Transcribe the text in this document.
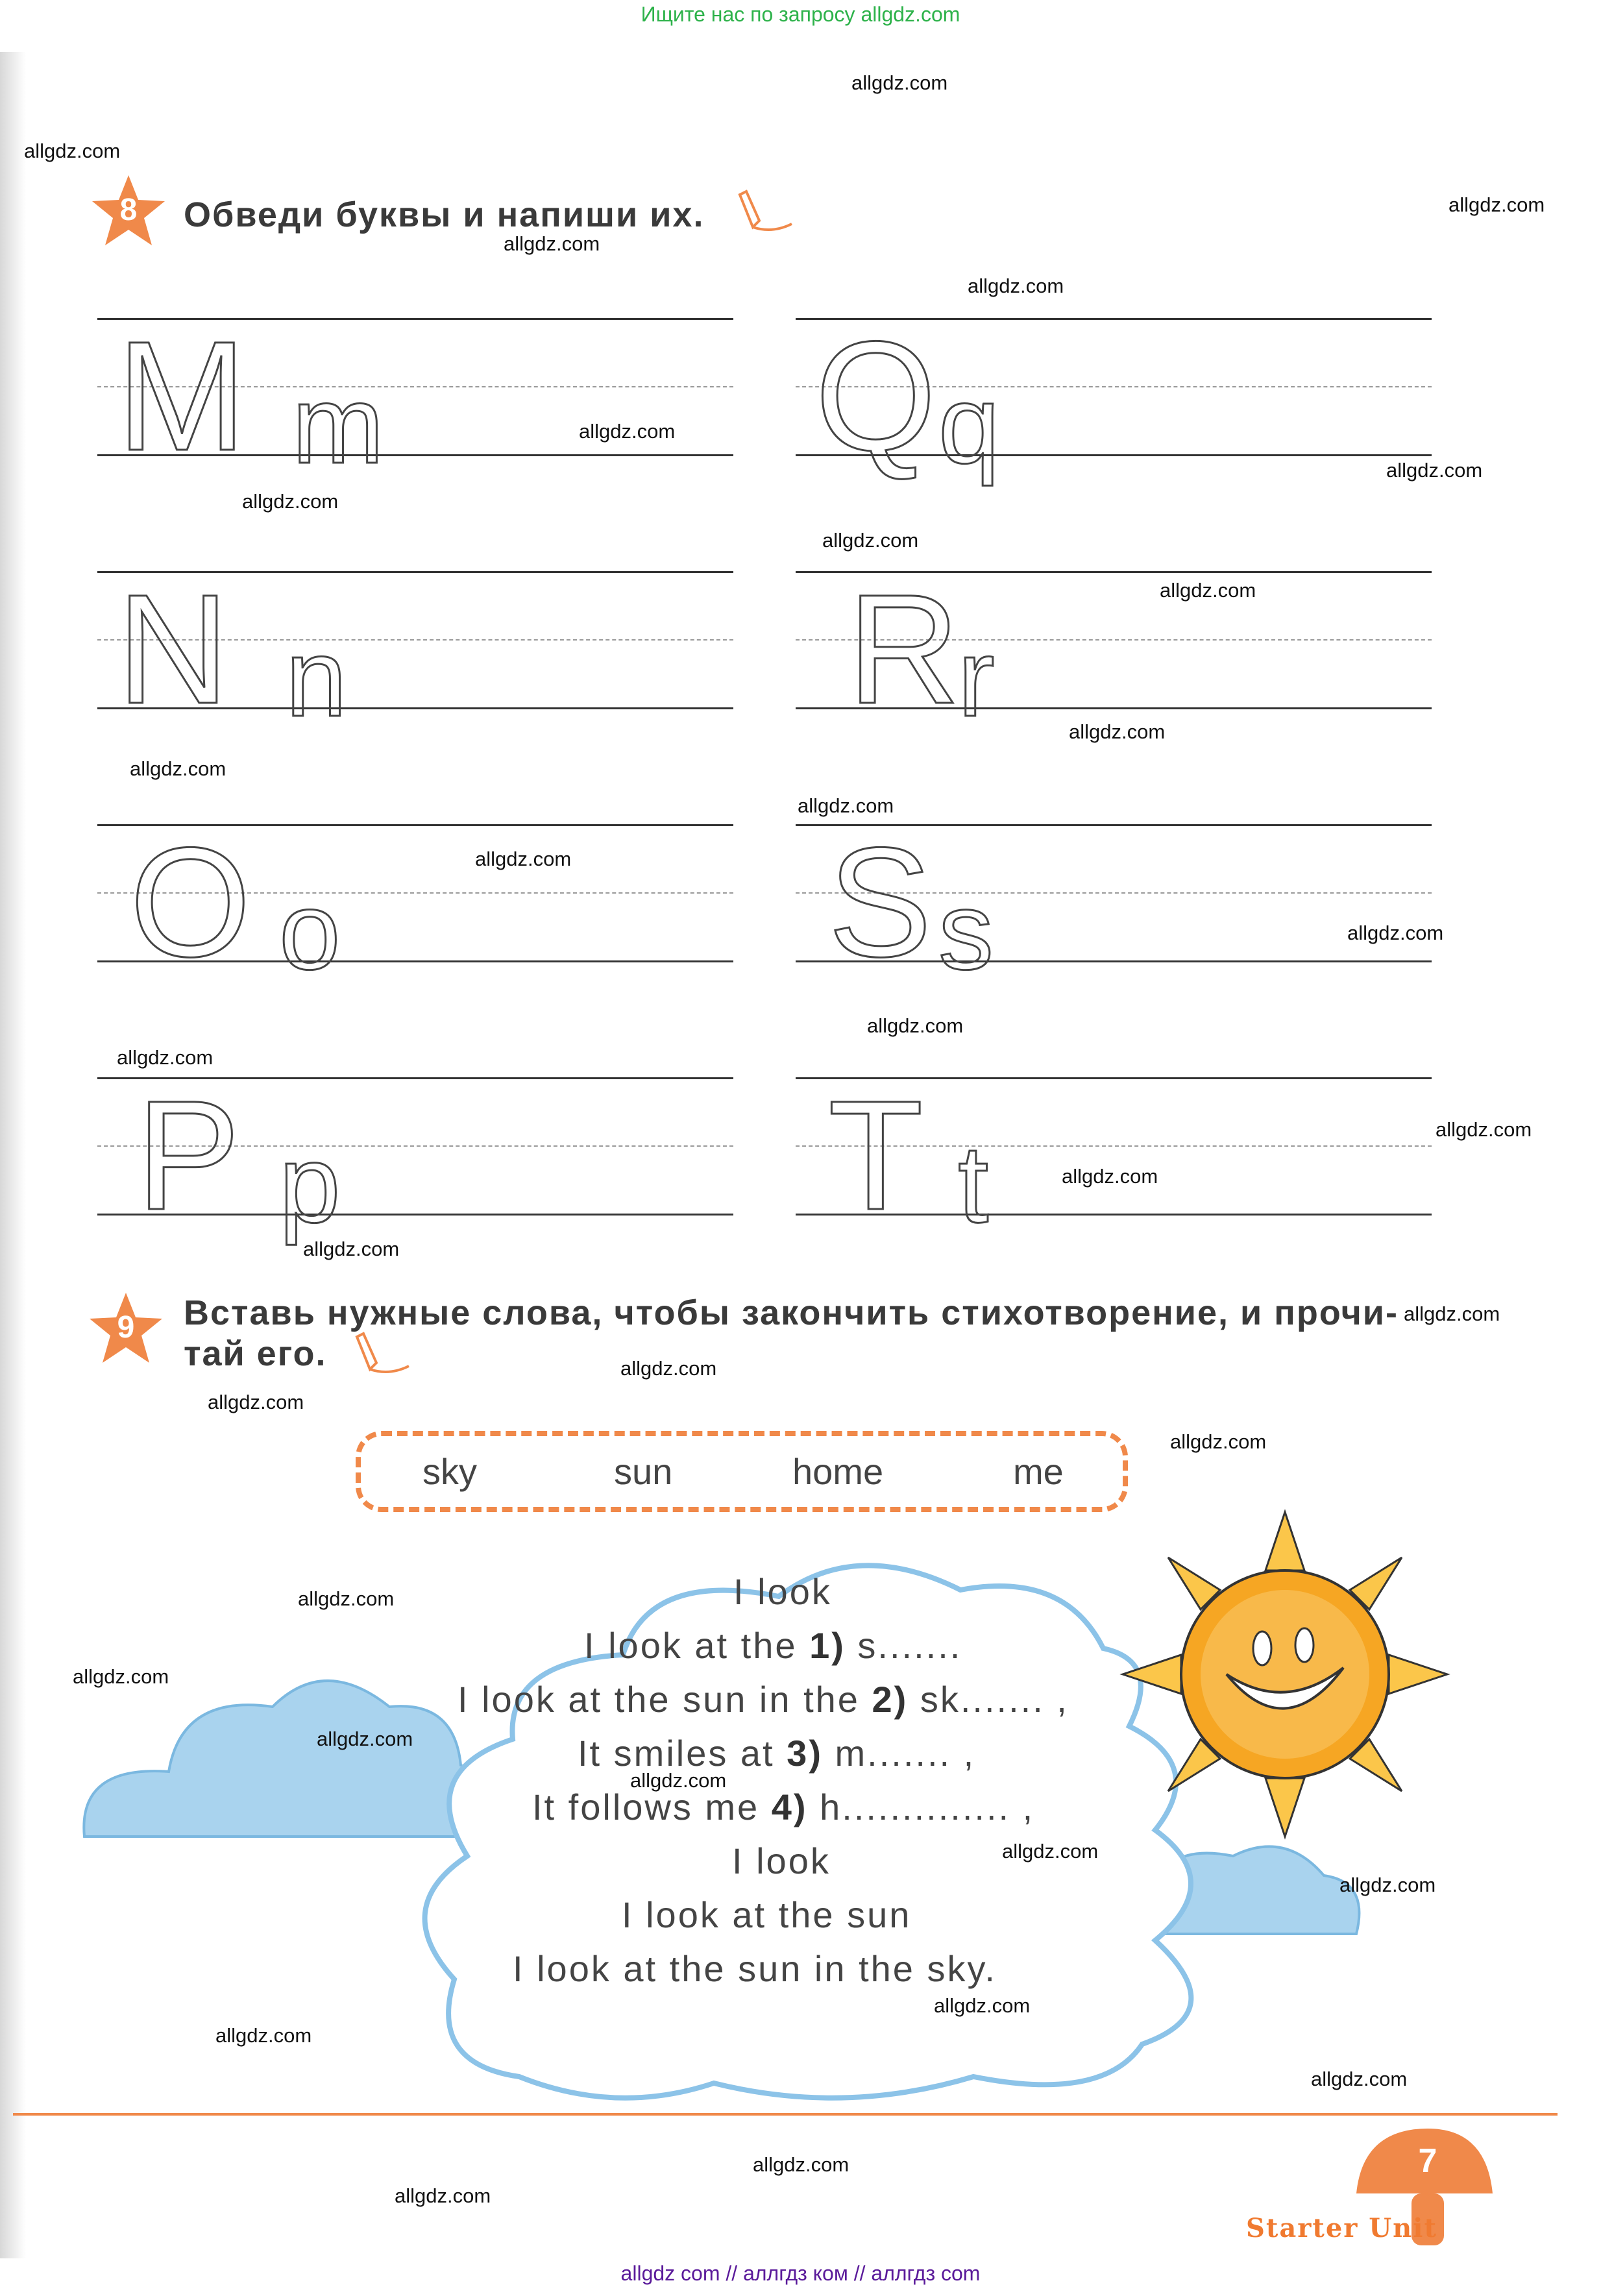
Ищите нас по запросу allgdz.com
8	Обведи буквы и напиши их.
M m
N n
O o
P p
Q q
R
r
S s
T t
9	Вставь нужные слова, чтобы закончить стихотворение, и прочи-
тай его.
sky	sun	home	me
I look
I look at the 1) s.......
I look at the sun in the 2) sk....... ,
It smiles at 3) m....... ,
It follows me 4) h.............. ,
I look
I look at the sun
I look at the sun in the sky.
7
Starter Unit
allgdz.com
allgdz.com
allgdz.com
allgdz.com
allgdz.com
allgdz.com
allgdz.com
allgdz.com
allgdz.com
allgdz.com
allgdz.com
allgdz.com
allgdz.com
allgdz.com
allgdz.com
allgdz.com
allgdz.com
allgdz.com
allgdz.com
allgdz.com
allgdz.com
allgdz.com
allgdz.com
allgdz.com
allgdz.com
allgdz.com
allgdz.com
allgdz.com
allgdz.com
allgdz.com
allgdz.com
allgdz.com
allgdz.com
allgdz.com
allgdz.com
allgdz com // аллгдз ком // аллгдз com
